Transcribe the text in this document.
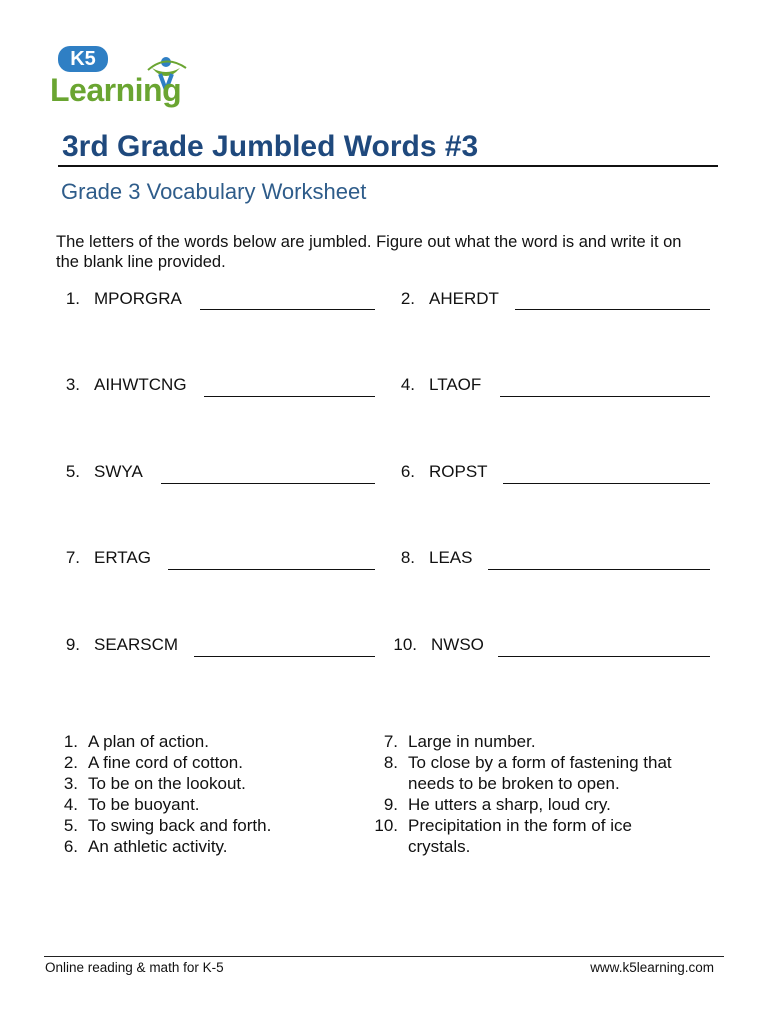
K5
Learning
3rd Grade Jumbled Words #3
Grade 3 Vocabulary Worksheet
The letters of the words below are jumbled. Figure out what the word is and write it on the blank line provided.
1. MPORGRA
3. AIHWTCNG
5. SWYA
7. ERTAG
9. SEARSCM
2. AHERDT
4. LTAOF
6. ROPST
8. LEAS
10. NWSO
1. A plan of action.
2. A fine cord of cotton.
3. To be on the lookout.
4. To be buoyant.
5. To swing back and forth.
6. An athletic activity.
7. Large in number.
8. To close by a form of fastening that needs to be broken to open.
9. He utters a sharp, loud cry.
10. Precipitation in the form of ice crystals.
Online reading & math for K-5	www.k5learning.com
